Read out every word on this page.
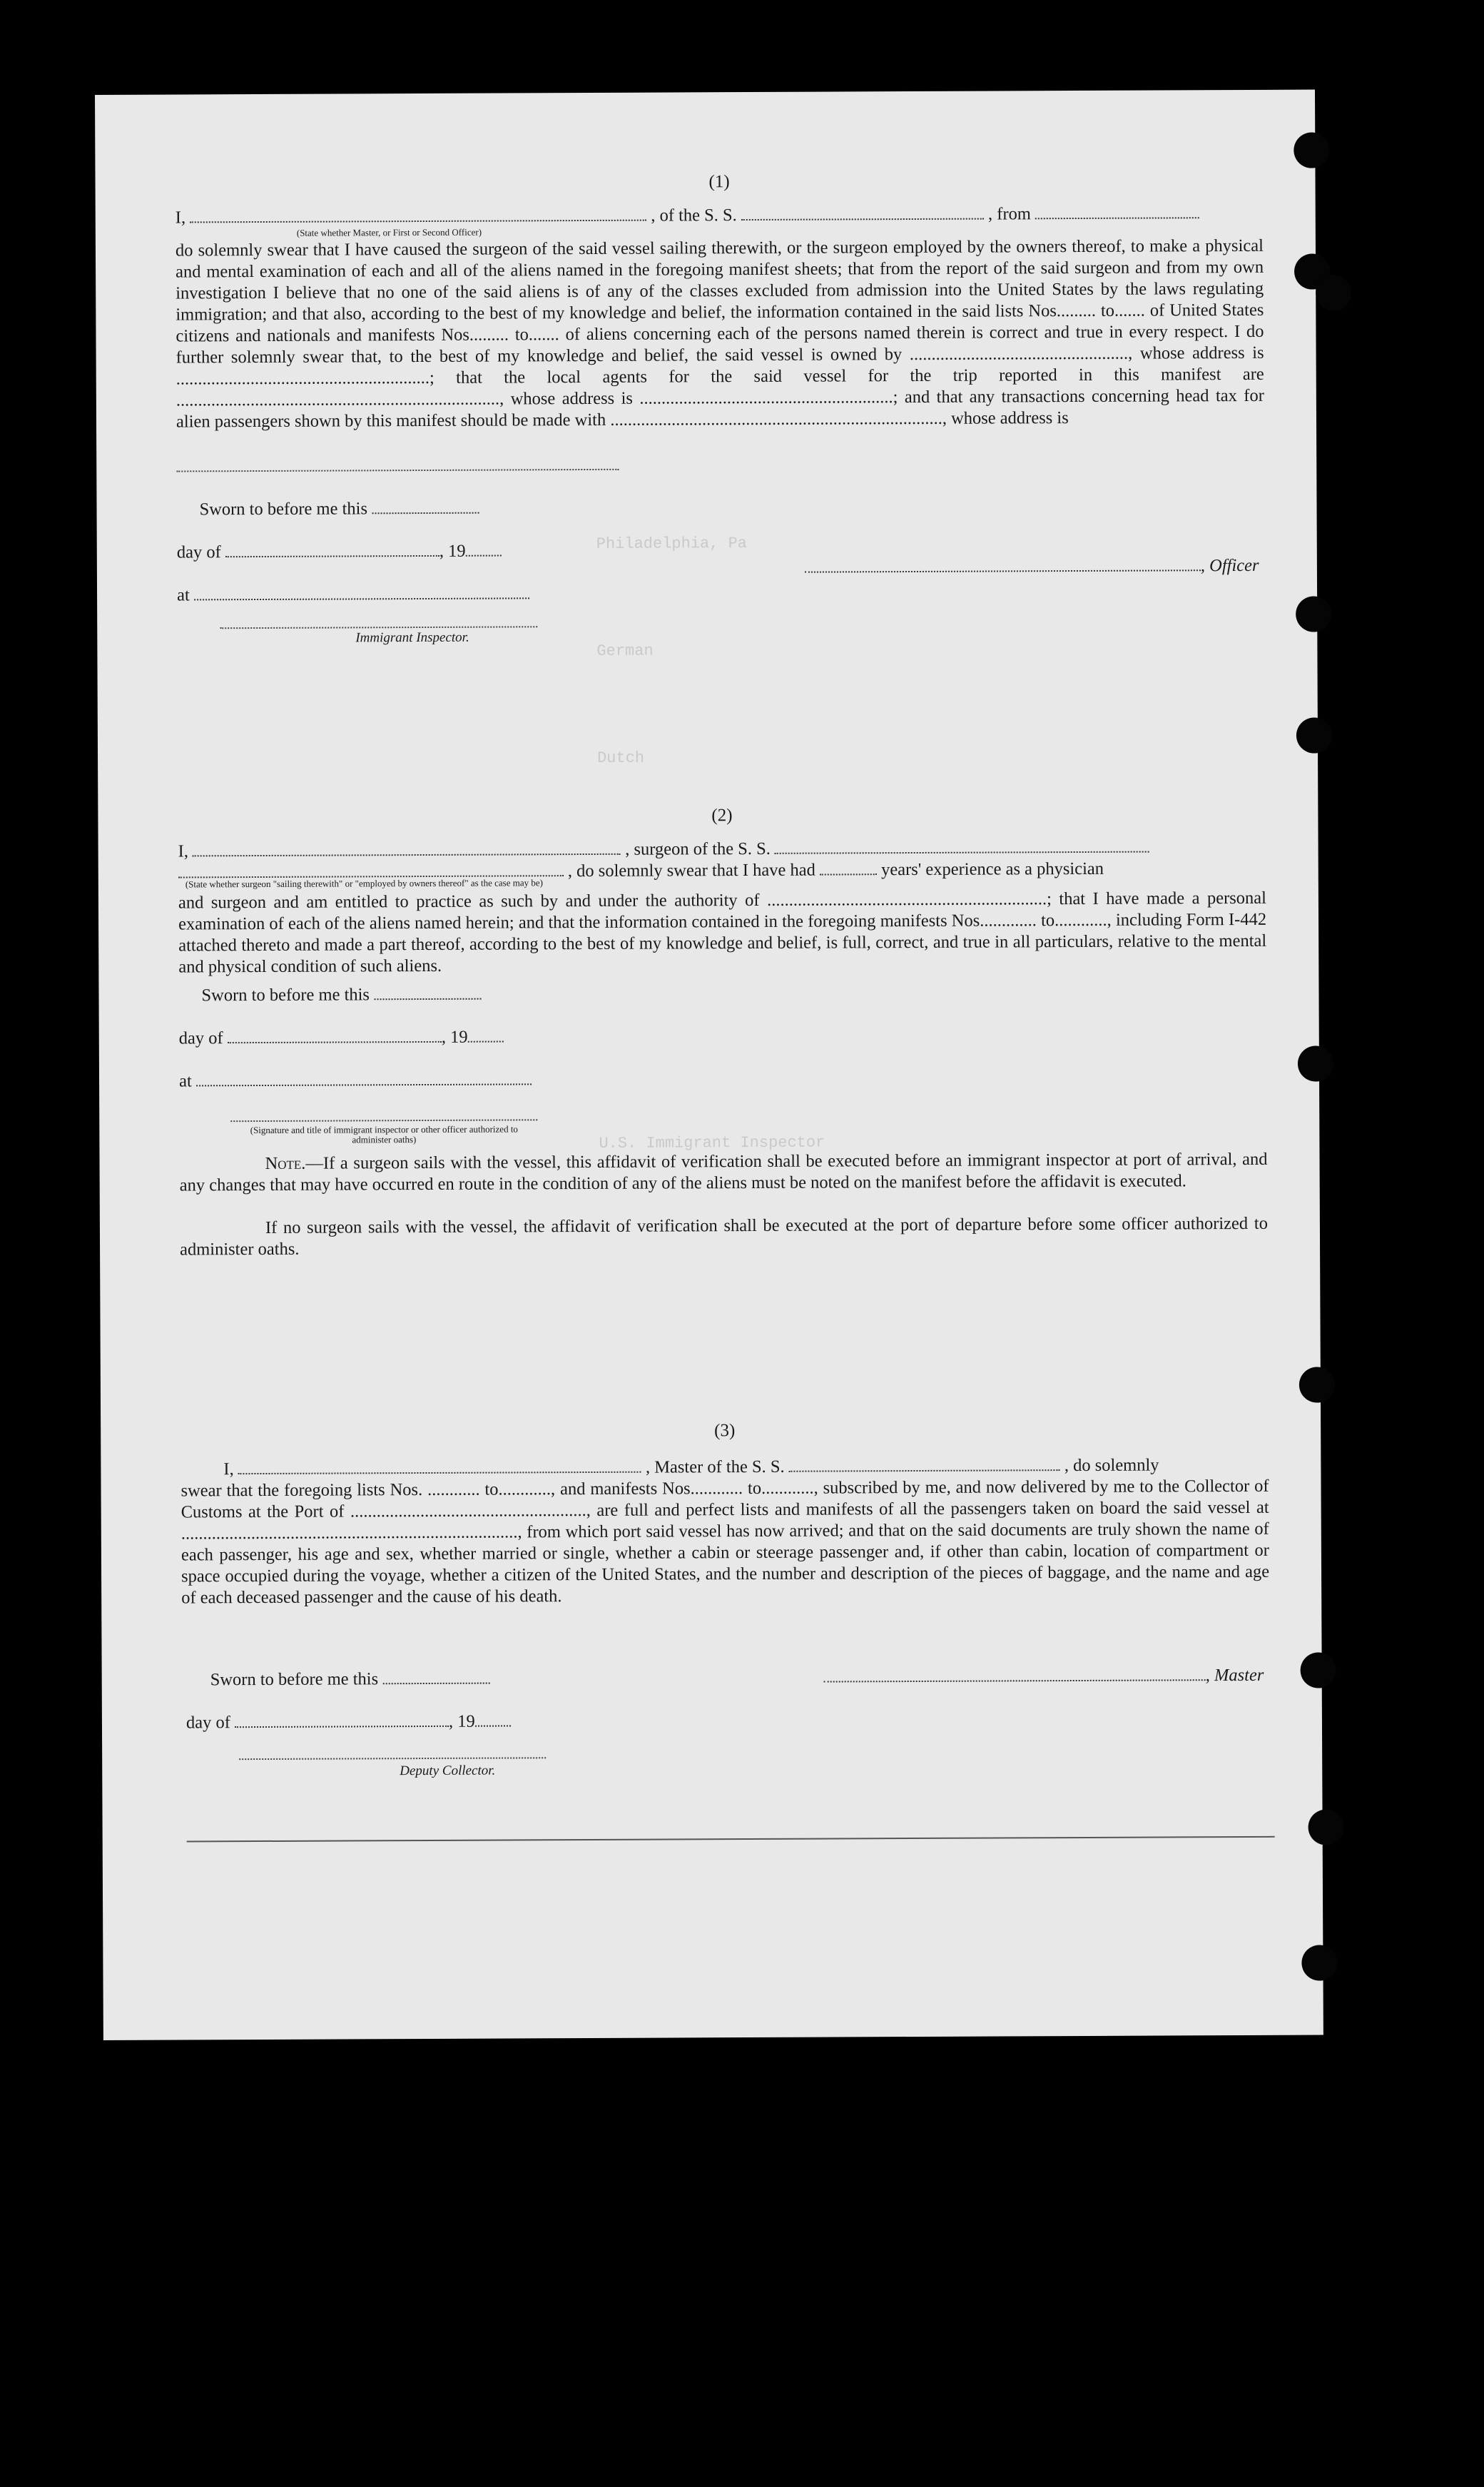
Philadelphia, Pa
German
Dutch
U.S. Immigrant Inspector
(1)
I,	, of the S. S.	, from
(State whether Master, or First or Second Officer)
do solemnly swear that I have caused the surgeon of the said vessel sailing therewith, or the surgeon employed by the owners thereof, to make a physical and mental examination of each and all of the aliens named in the foregoing manifest sheets; that from the report of the said surgeon and from my own investigation I believe that no one of the said aliens is of any of the classes excluded from admission into the United States by the laws regulating immigration; and that also, according to the best of my knowledge and belief, the information contained in the said lists Nos......... to....... of United States citizens and nationals and manifests Nos......... to....... of aliens concerning each of the persons named therein is correct and true in every respect. I do further solemnly swear that, to the best of my knowledge and belief, the said vessel is owned by .................................................., whose address is ..........................................................; that the local agents for the said vessel for the trip reported in this manifest are .........................................................................., whose address is ..........................................................; and that any transactions concerning head tax for alien passengers shown by this manifest should be made with ............................................................................, whose address is
Sworn to before me this
day of	, 19
at
, Officer
Immigrant Inspector.
(2)
I,	, surgeon of the S. S.
, do solemnly swear that I have had	years' experience as a physician
(State whether surgeon "sailing therewith" or "employed by owners thereof" as the case may be)
and surgeon and am entitled to practice as such by and under the authority of ................................................................; that I have made a personal examination of each of the aliens named herein; and that the information contained in the foregoing manifests Nos............. to............, including Form I-442 attached thereto and made a part thereof, according to the best of my knowledge and belief, is full, correct, and true in all particulars, relative to the mental and physical condition of such aliens.
Sworn to before me this
day of	, 19
at
(Signature and title of immigrant inspector or other officer authorized to administer oaths)
Note.—If a surgeon sails with the vessel, this affidavit of verification shall be executed before an immigrant inspector at port of arrival, and any changes that may have occurred en route in the condition of any of the aliens must be noted on the manifest before the affidavit is executed.
If no surgeon sails with the vessel, the affidavit of verification shall be executed at the port of departure before some officer authorized to administer oaths.
(3)
I,	, Master of the S. S.	, do solemnly
swear that the foregoing lists Nos. ............ to............, and manifests Nos............ to............, subscribed by me, and now delivered by me to the Collector of Customs at the Port of ......................................................, are full and perfect lists and manifests of all the passengers taken on board the said vessel at ............................................................................., from which port said vessel has now arrived; and that on the said documents are truly shown the name of each passenger, his age and sex, whether married or single, whether a cabin or steerage passenger and, if other than cabin, location of compartment or space occupied during the voyage, whether a citizen of the United States, and the number and description of the pieces of baggage, and the name and age of each deceased passenger and the cause of his death.
Sworn to before me this	, Master
day of	, 19
Deputy Collector.
